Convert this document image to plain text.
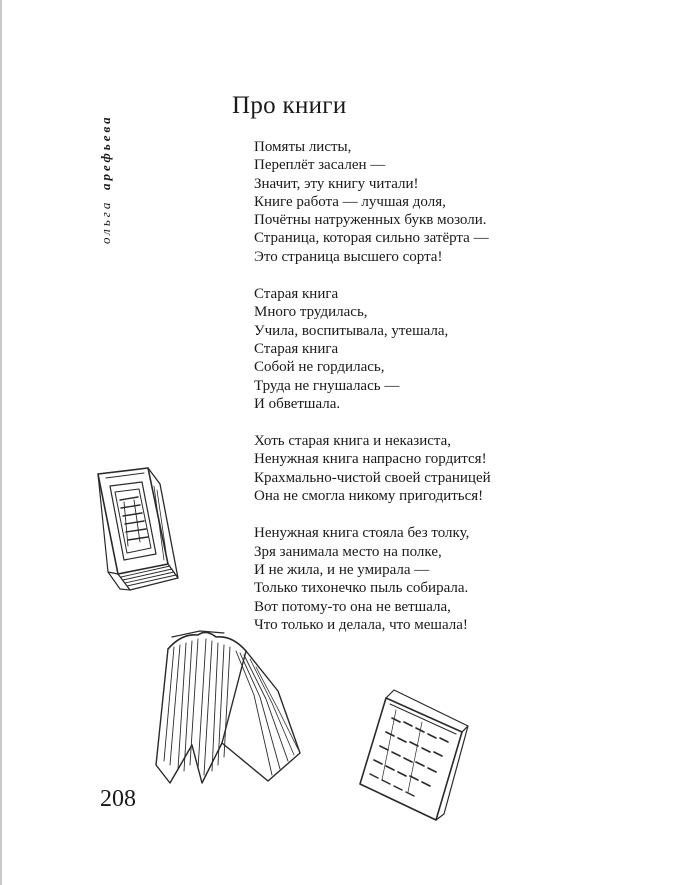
ольга
арефьева
Про книги
Помяты листы,
Переплёт засален —
Значит, эту книгу читали!
Книге работа — лучшая доля,
Почётны натруженных букв мозоли.
Страница, которая сильно затёрта —
Это страница высшего сорта!
Старая книга
Много трудилась,
Учила, воспитывала, утешала,
Старая книга
Собой не гордилась,
Труда не гнушалась —
И обветшала.
Хоть старая книга и неказиста,
Ненужная книга напрасно гордится!
Крахмально-чистой своей страницей
Она не смогла никому пригодиться!
Ненужная книга стояла без толку,
Зря занимала место на полке,
И не жила, и не умирала —
Только тихонечко пыль собирала.
Вот потому-то она не ветшала,
Что только и делала, что мешала!
208
